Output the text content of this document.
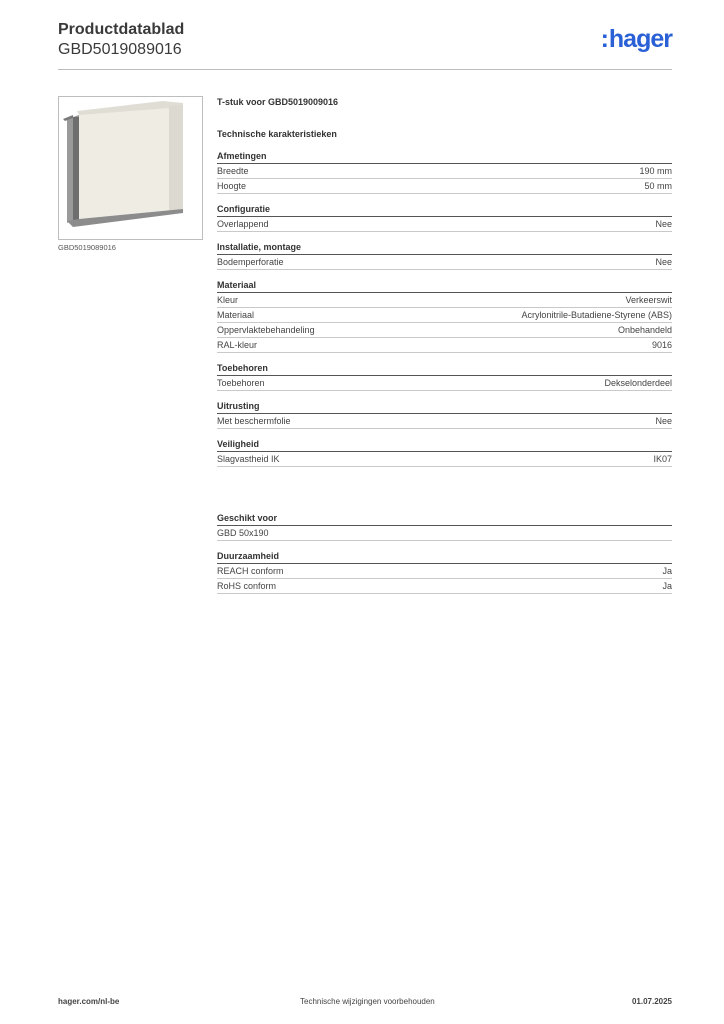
Productdatablad
GBD5019089016	:hager
GBD5019089016
T-stuk voor GBD5019009016
Technische karakteristieken
Afmetingen
Breedte	190 mm
Hoogte	50 mm
Configuratie
Overlappend	Nee
Installatie, montage
Bodemperforatie	Nee
Materiaal
Kleur	Verkeerswit
Materiaal	Acrylonitrile-Butadiene-Styrene (ABS)
Oppervlaktebehandeling	Onbehandeld
RAL-kleur	9016
Toebehoren
Toebehoren	Dekselonderdeel
Uitrusting
Met beschermfolie	Nee
Veiligheid
Slagvastheid IK	IK07
Geschikt voor
GBD 50x190
Duurzaamheid
REACH conform	Ja
RoHS conform	Ja
hager.com/nl-be	Technische wijzigingen voorbehouden	01.07.2025
